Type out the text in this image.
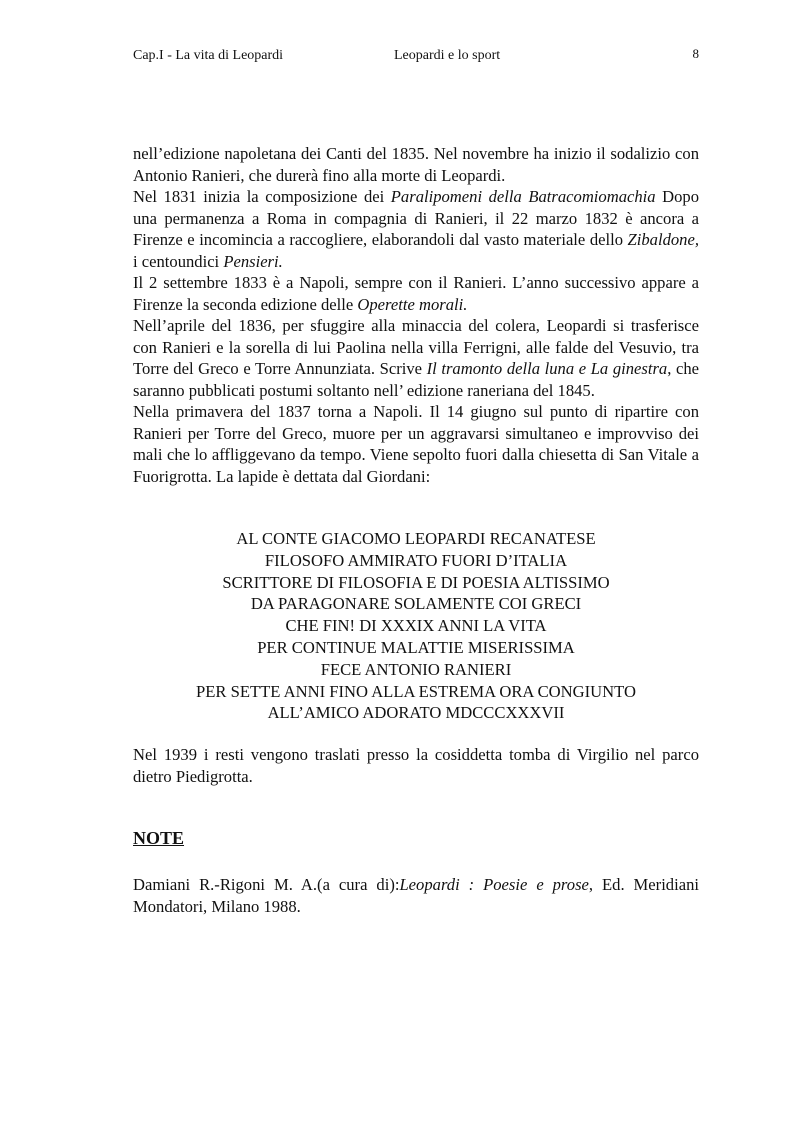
Cap.I - La vita di Leopardi	Leopardi e lo sport	8

nell’edizione napoletana dei Canti del 1835. Nel novembre ha inizio il sodalizio con Antonio Ranieri, che durerà fino alla morte di Leopardi.

Nel 1831 inizia la composizione dei Paralipomeni della Batracomiomachia Dopo una permanenza a Roma in compagnia di Ranieri, il 22 marzo 1832 è ancora a Firenze e incomincia a raccogliere, elaborandoli dal vasto materiale dello Zibaldone, i centoundici Pensieri.

Il 2 settembre 1833 è a Napoli, sempre con il Ranieri. L’anno successivo appare a Firenze la seconda edizione delle Operette morali.

Nell’aprile del 1836, per sfuggire alla minaccia del colera, Leopardi si trasferisce con Ranieri e la sorella di lui Paolina nella villa Ferrigni, alle falde del Vesuvio, tra Torre del Greco e Torre Annunziata. Scrive Il tramonto della luna e La ginestra, che saranno pubblicati postumi soltanto nell’ edizione raneriana del 1845.

Nella primavera del 1837 torna a Napoli. Il 14 giugno sul punto di ripartire con Ranieri per Torre del Greco, muore per un aggravarsi simultaneo e improvviso dei mali che lo affliggevano da tempo. Viene sepolto fuori dalla chiesetta di San Vitale a Fuorigrotta. La lapide è dettata dal Giordani:

AL CONTE GIACOMO LEOPARDI RECANATESE
FILOSOFO AMMIRATO FUORI D’ITALIA
SCRITTORE DI FILOSOFIA E DI POESIA ALTISSIMO
DA PARAGONARE SOLAMENTE COI GRECI
CHE FIN! DI XXXIX ANNI LA VITA
PER CONTINUE MALATTIE MISERISSIMA
FECE ANTONIO RANIERI
PER SETTE ANNI FINO ALLA ESTREMA ORA CONGIUNTO
ALL’AMICO ADORATO MDCCCXXXVII

Nel 1939 i resti vengono traslati presso la cosiddetta tomba di Virgilio nel parco dietro Piedigrotta.

NOTE

Damiani R.-Rigoni M. A.(a cura di):Leopardi : Poesie e prose, Ed. Meridiani Mondatori, Milano 1988.
